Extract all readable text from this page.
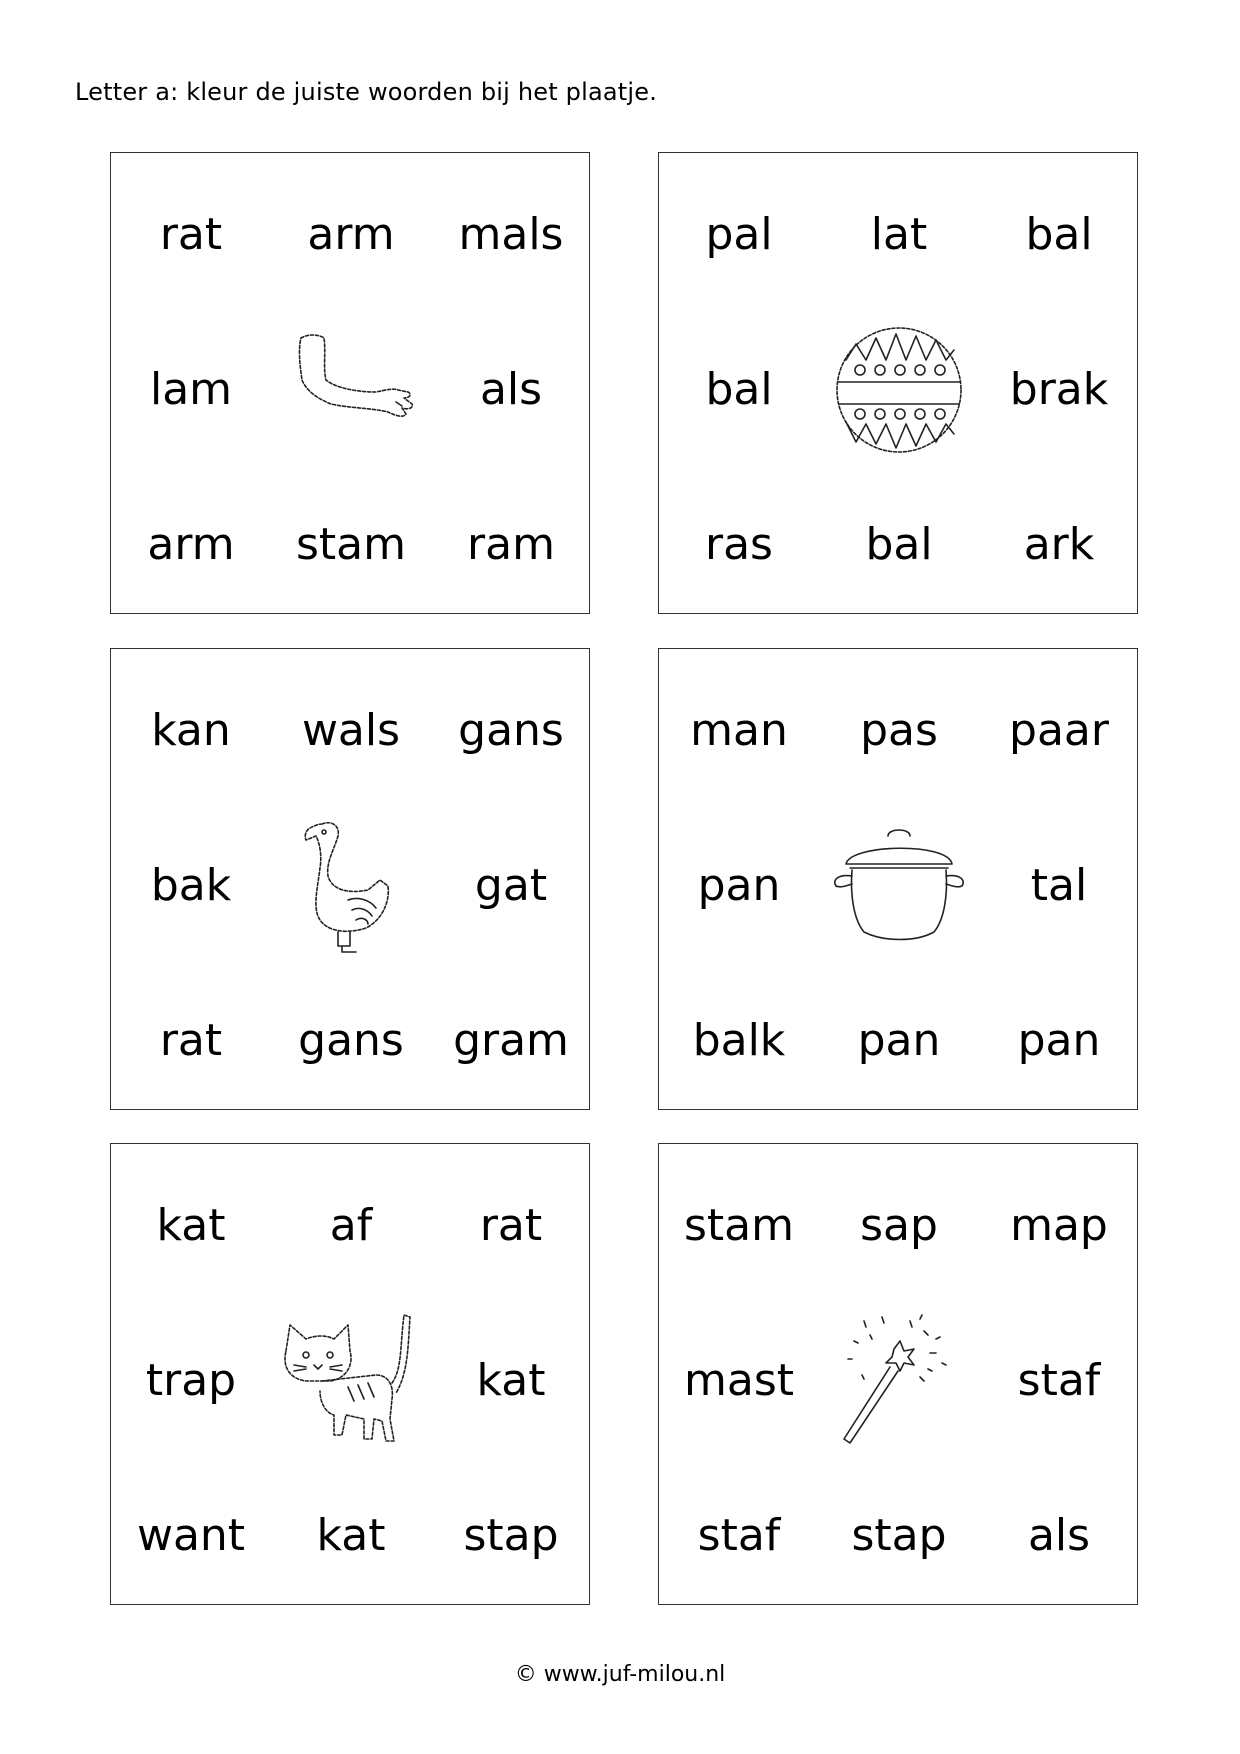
Letter a: kleur de juiste woorden bij het plaatje.
rat	arm	mals
lam	als
arm	stam	ram
pal	lat	bal
bal	brak
ras	bal	ark
kan	wals	gans
bak	gat
rat	gans	gram
man	pas	paar
pan	tal
balk	pan	pan
kat	af	rat
trap	kat
want	kat	stap
stam	sap	map
mast	staf
staf	stap	als
© www.juf-milou.nl
